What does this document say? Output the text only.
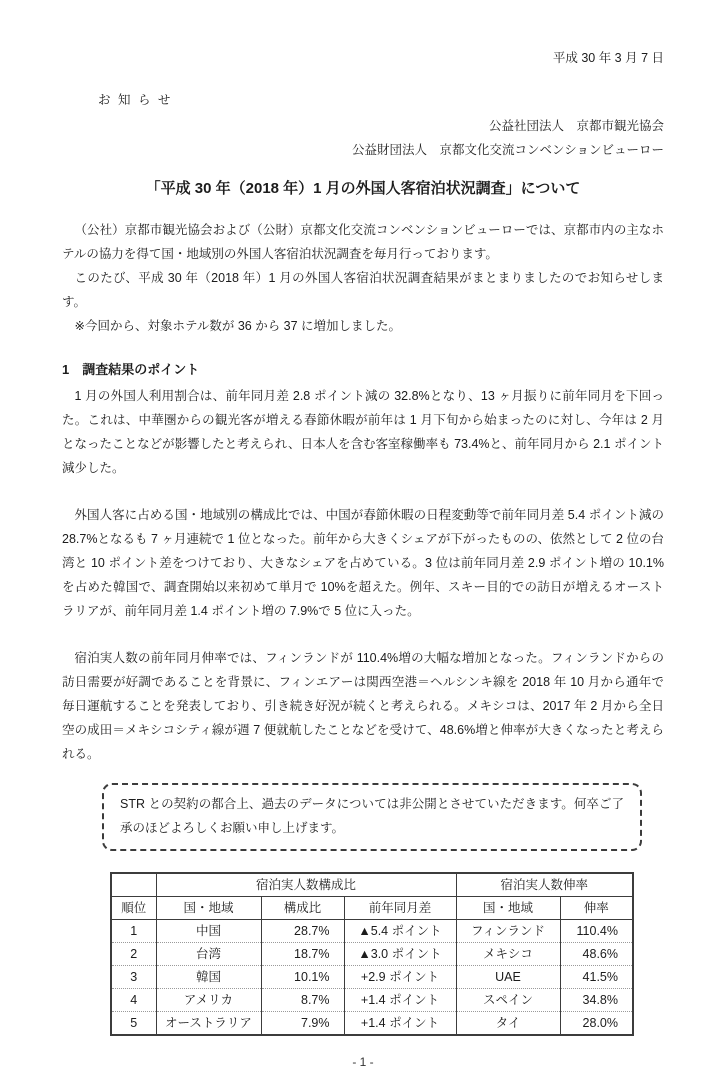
平成 30 年 3 月 7 日
お 知 ら せ
公益社団法人　京都市観光協会
公益財団法人　京都文化交流コンベンションビューロー
「平成 30 年（2018 年）1 月の外国人客宿泊状況調査」について

（公社）京都市観光協会および（公財）京都文化交流コンベンションビューローでは、京都市内の主なホテルの協力を得て国・地域別の外国人客宿泊状況調査を毎月行っております。

このたび、平成 30 年（2018 年）1 月の外国人客宿泊状況調査結果がまとまりましたのでお知らせします。

※今回から、対象ホテル数が 36 から 37 に増加しました。

1　調査結果のポイント

1 月の外国人利用割合は、前年同月差 2.8 ポイント減の 32.8%となり、13 ヶ月振りに前年同月を下回った。これは、中華圏からの観光客が増える春節休暇が前年は 1 月下旬から始まったのに対し、今年は 2 月となったことなどが影響したと考えられ、日本人を含む客室稼働率も 73.4%と、前年同月から 2.1 ポイント減少した。

外国人客に占める国・地域別の構成比では、中国が春節休暇の日程変動等で前年同月差 5.4 ポイント減の 28.7%となるも 7 ヶ月連続で 1 位となった。前年から大きくシェアが下がったものの、依然として 2 位の台湾と 10 ポイント差をつけており、大きなシェアを占めている。3 位は前年同月差 2.9 ポイント増の 10.1%を占めた韓国で、調査開始以来初めて単月で 10%を超えた。例年、スキー目的での訪日が増えるオーストラリアが、前年同月差 1.4 ポイント増の 7.9%で 5 位に入った。

宿泊実人数の前年同月伸率では、フィンランドが 110.4%増の大幅な増加となった。フィンランドからの訪日需要が好調であることを背景に、フィンエアーは関西空港＝ヘルシンキ線を 2018 年 10 月から通年で毎日運航することを発表しており、引き続き好況が続くと考えられる。メキシコは、2017 年 2 月から全日空の成田＝メキシコシティ線が週 7 便就航したことなどを受けて、48.6%増と伸率が大きくなったと考えられる。

STR との契約の都合上、過去のデータについては非公開とさせていただきます。何卒ご了承のほどよろしくお願い申し上げます。

	宿泊実人数構成比			宿泊実人数伸率	
順位	国・地域	構成比	前年同月差	国・地域	伸率
1	中国	28.7%	▲5.4 ポイント	フィンランド	110.4%
2	台湾	18.7%	▲3.0 ポイント	メキシコ	48.6%
3	韓国	10.1%	+2.9 ポイント	UAE	41.5%
4	アメリカ	8.7%	+1.4 ポイント	スペイン	34.8%
5	オーストラリア	7.9%	+1.4 ポイント	タイ	28.0%
- 1 -
